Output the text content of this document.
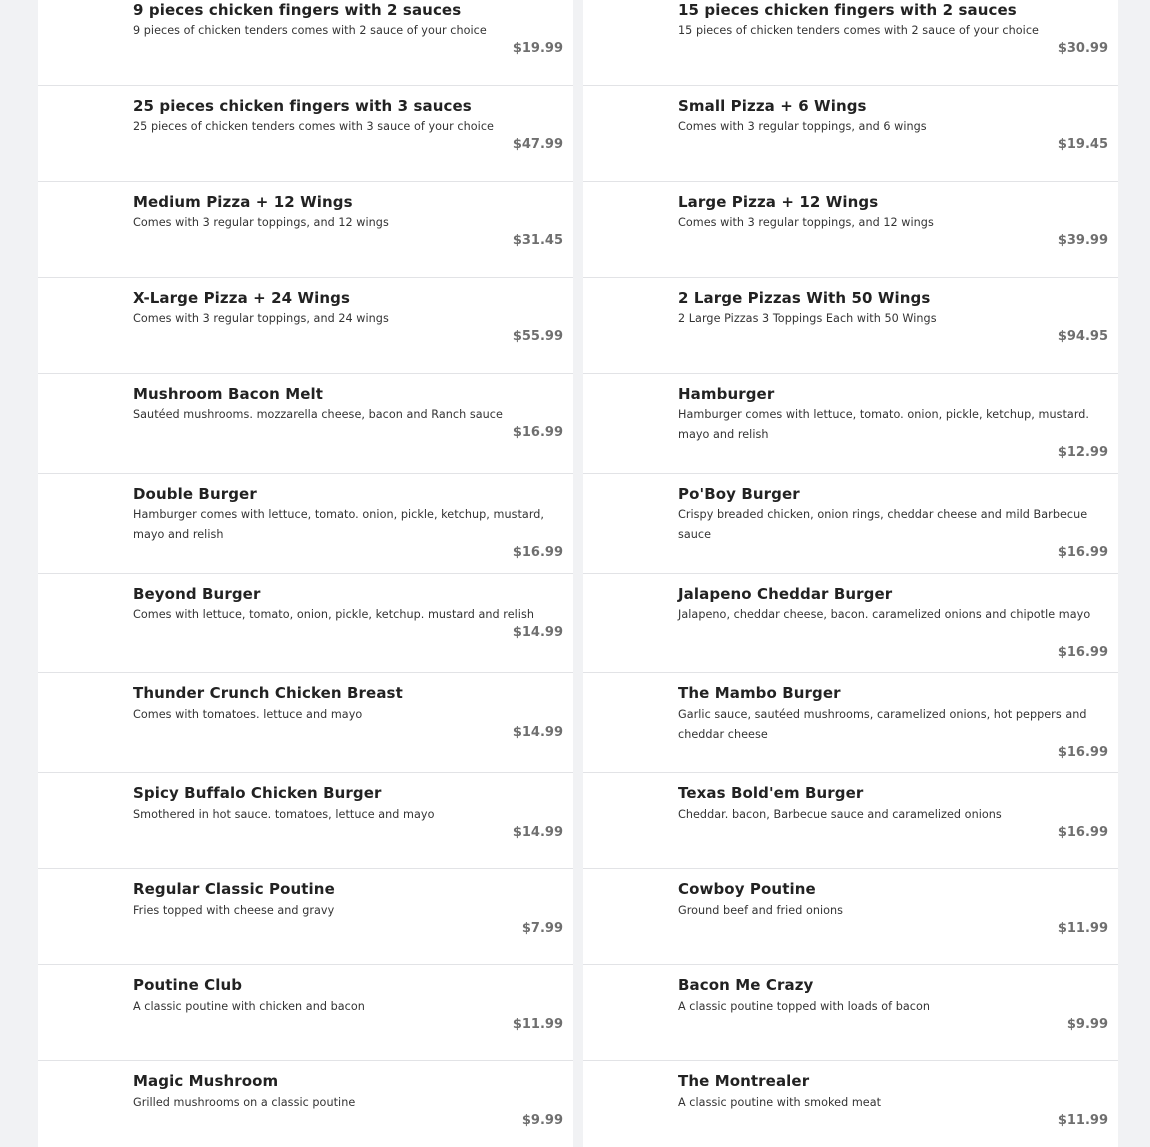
9 pieces chicken fingers with 2 sauces
9 pieces of chicken tenders comes with 2 sauce of your choice
$19.99
25 pieces chicken fingers with 3 sauces
25 pieces of chicken tenders comes with 3 sauce of your choice
$47.99
Medium Pizza + 12 Wings
Comes with 3 regular toppings, and 12 wings
$31.45
X-Large Pizza + 24 Wings
Comes with 3 regular toppings, and 24 wings
$55.99
Mushroom Bacon Melt
Sautéed mushrooms. mozzarella cheese, bacon and Ranch sauce
$16.99
Double Burger
Hamburger comes with lettuce, tomato. onion, pickle, ketchup, mustard, mayo and relish
$16.99
Beyond Burger
Comes with lettuce, tomato, onion, pickle, ketchup. mustard and relish
$14.99
Thunder Crunch Chicken Breast
Comes with tomatoes. lettuce and mayo
$14.99
Spicy Buffalo Chicken Burger
Smothered in hot sauce. tomatoes, lettuce and mayo
$14.99
Regular Classic Poutine
Fries topped with cheese and gravy
$7.99
Poutine Club
A classic poutine with chicken and bacon
$11.99
Magic Mushroom
Grilled mushrooms on a classic poutine
$9.99
15 pieces chicken fingers with 2 sauces
15 pieces of chicken tenders comes with 2 sauce of your choice
$30.99
Small Pizza + 6 Wings
Comes with 3 regular toppings, and 6 wings
$19.45
Large Pizza + 12 Wings
Comes with 3 regular toppings, and 12 wings
$39.99
2 Large Pizzas With 50 Wings
2 Large Pizzas 3 Toppings Each with 50 Wings
$94.95
Hamburger
Hamburger comes with lettuce, tomato. onion, pickle, ketchup, mustard. mayo and relish
$12.99
Po'Boy Burger
Crispy breaded chicken, onion rings, cheddar cheese and mild Barbecue sauce
$16.99
Jalapeno Cheddar Burger
Jalapeno, cheddar cheese, bacon. caramelized onions and chipotle mayo
$16.99
The Mambo Burger
Garlic sauce, sautéed mushrooms, caramelized onions, hot peppers and cheddar cheese
$16.99
Texas Bold'em Burger
Cheddar. bacon, Barbecue sauce and caramelized onions
$16.99
Cowboy Poutine
Ground beef and fried onions
$11.99
Bacon Me Crazy
A classic poutine topped with loads of bacon
$9.99
The Montrealer
A classic poutine with smoked meat
$11.99
